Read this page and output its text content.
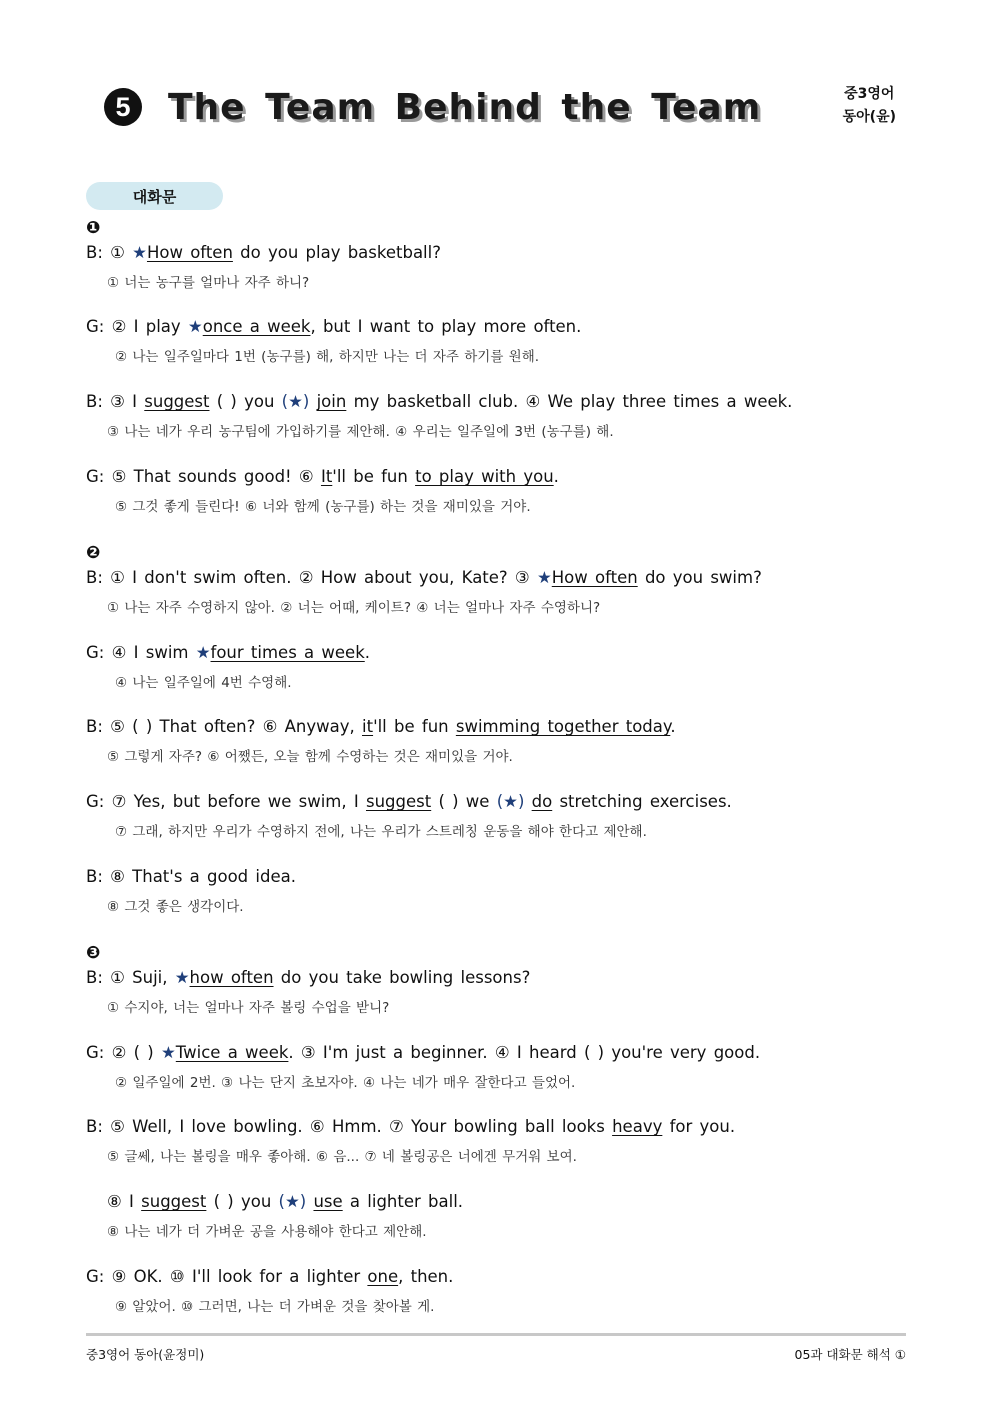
5	The Team Behind the Team	중3영어
동아(윤)
대화문
❶
B: ① ★How often do you play basketball?
① 너는 농구를 얼마나 자주 하니?
G: ② I play ★once a week, but I want to play more often.
② 나는 일주일마다 1번 (농구를) 해, 하지만 나는 더 자주 하기를 원해.
B: ③ I suggest ( ) you (★) join my basketball club. ④ We play three times a week.
③ 나는 네가 우리 농구팀에 가입하기를 제안해. ④ 우리는 일주일에 3번 (농구를) 해.
G: ⑤ That sounds good! ⑥ It'll be fun to play with you.
⑤ 그것 좋게 들린다! ⑥ 너와 함께 (농구를) 하는 것을 재미있을 거야.
❷
B: ① I don't swim often. ② How about you, Kate? ③ ★How often do you swim?
① 나는 자주 수영하지 않아. ② 너는 어때, 케이트? ④ 너는 얼마나 자주 수영하니?
G: ④ I swim ★four times a week.
④ 나는 일주일에 4번 수영해.
B: ⑤ ( ) That often? ⑥ Anyway, it'll be fun swimming together today.
⑤ 그렇게 자주? ⑥ 어쨌든, 오늘 함께 수영하는 것은 재미있을 거야.
G: ⑦ Yes, but before we swim, I suggest ( ) we (★) do stretching exercises.
⑦ 그래, 하지만 우리가 수영하지 전에, 나는 우리가 스트레칭 운동을 해야 한다고 제안해.
B: ⑧ That's a good idea.
⑧ 그것 좋은 생각이다.
❸
B: ① Suji, ★how often do you take bowling lessons?
① 수지야, 너는 얼마나 자주 볼링 수업을 받니?
G: ② ( ) ★Twice a week. ③ I'm just a beginner. ④ I heard ( ) you're very good.
② 일주일에 2번. ③ 나는 단지 초보자야. ④ 나는 네가 매우 잘한다고 들었어.
B: ⑤ Well, I love bowling. ⑥ Hmm. ⑦ Your bowling ball looks heavy for you.
⑤ 글쎄, 나는 볼링을 매우 좋아해. ⑥ 음... ⑦ 네 볼링공은 너에겐 무거워 보여.
⑧ I suggest ( ) you (★) use a lighter ball.
⑧ 나는 네가 더 가벼운 공을 사용해야 한다고 제안해.
G: ⑨ OK. ⑩ I'll look for a lighter one, then.
⑨ 알았어. ⑩ 그러면, 나는 더 가벼운 것을 찾아볼 게.
중3영어 동아(윤정미)	05과 대화문 해석 ①
